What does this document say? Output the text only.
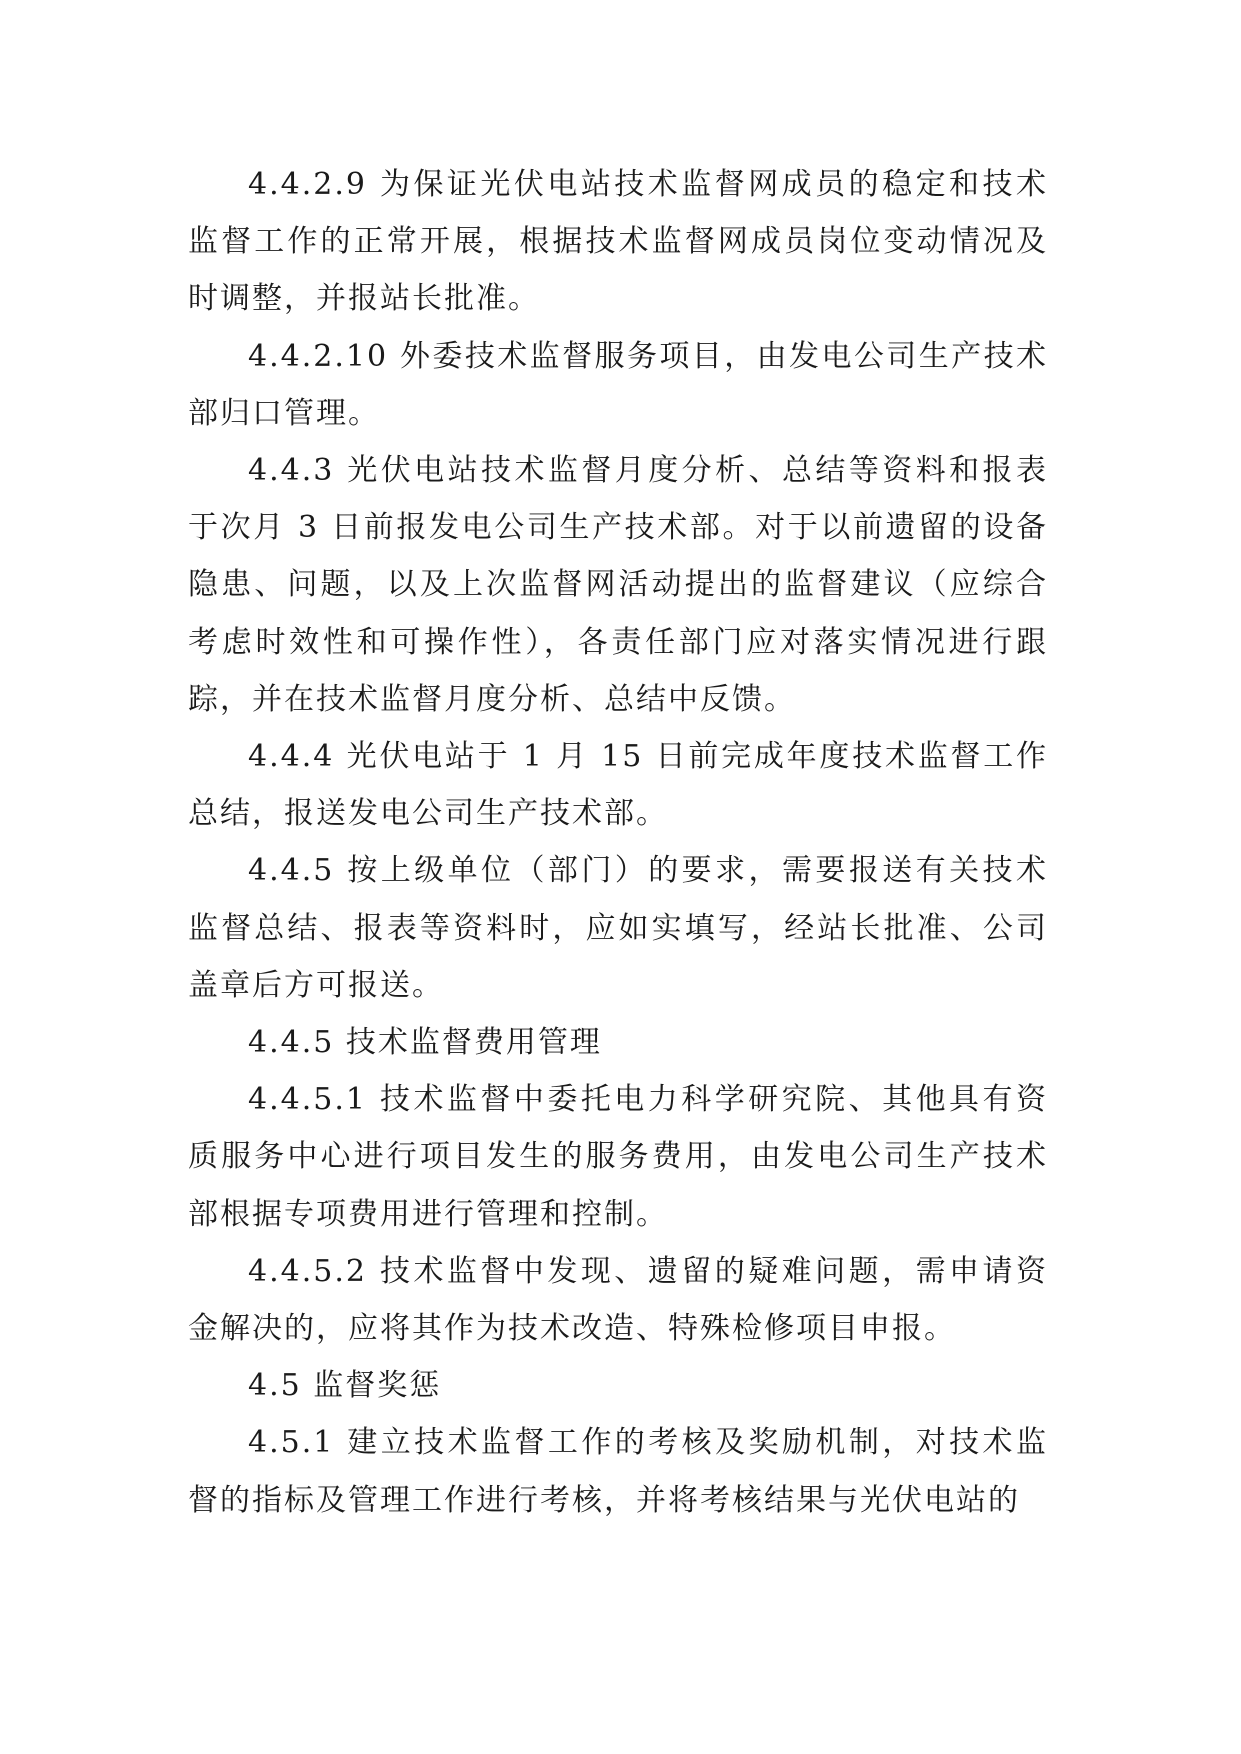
4.4.2.9 为保证光伏电站技术监督网成员的稳定和技术监督工作的正常开展，根据技术监督网成员岗位变动情况及时调整，并报站长批准。

4.4.2.10 外委技术监督服务项目，由发电公司生产技术部归口管理。

4.4.3 光伏电站技术监督月度分析、总结等资料和报表于次月 3 日前报发电公司生产技术部。对于以前遗留的设备隐患、问题，以及上次监督网活动提出的监督建议（应综合考虑时效性和可操作性），各责任部门应对落实情况进行跟踪，并在技术监督月度分析、总结中反馈。

4.4.4 光伏电站于 1 月 15 日前完成年度技术监督工作总结，报送发电公司生产技术部。

4.4.5 按上级单位（部门）的要求，需要报送有关技术监督总结、报表等资料时，应如实填写，经站长批准、公司盖章后方可报送。

4.4.5 技术监督费用管理

4.4.5.1 技术监督中委托电力科学研究院、其他具有资质服务中心进行项目发生的服务费用，由发电公司生产技术部根据专项费用进行管理和控制。

4.4.5.2 技术监督中发现、遗留的疑难问题，需申请资金解决的，应将其作为技术改造、特殊检修项目申报。

4.5 监督奖惩

4.5.1 建立技术监督工作的考核及奖励机制，对技术监督的指标及管理工作进行考核，并将考核结果与光伏电站的
